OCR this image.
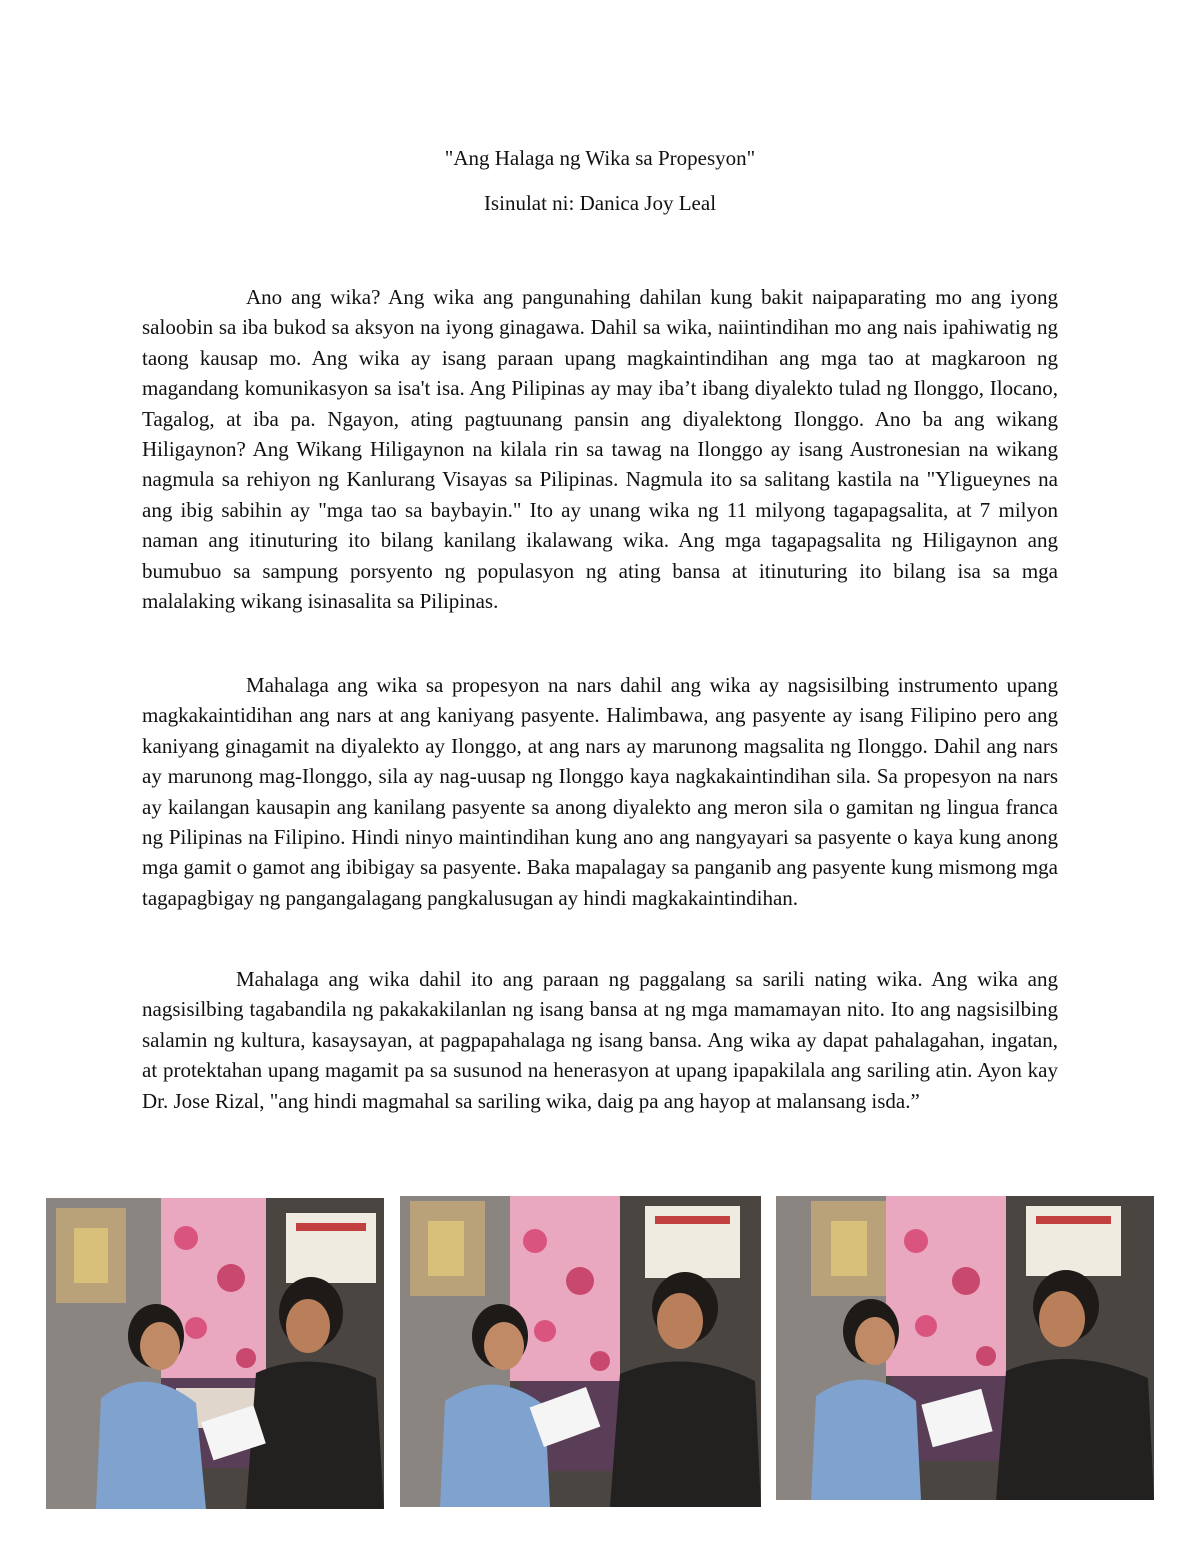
"Ang Halaga ng Wika sa Propesyon"
Isinulat ni: Danica Joy Leal

Ano ang wika? Ang wika ang pangunahing dahilan kung bakit naipaparating mo ang iyong saloobin sa iba bukod sa aksyon na iyong ginagawa. Dahil sa wika, naiintindihan mo ang nais ipahiwatig ng taong kausap mo. Ang wika ay isang paraan upang magkaintindihan ang mga tao at magkaroon ng magandang komunikasyon sa isa't isa. Ang Pilipinas ay may iba’t ibang diyalekto tulad ng Ilonggo, Ilocano, Tagalog, at iba pa. Ngayon, ating pagtuunang pansin ang diyalektong Ilonggo. Ano ba ang wikang Hiligaynon? Ang Wikang Hiligaynon na kilala rin sa tawag na Ilonggo ay isang Austronesian na wikang nagmula sa rehiyon ng Kanlurang Visayas sa Pilipinas. Nagmula ito sa salitang kastila na "Yligueynes na ang ibig sabihin ay "mga tao sa baybayin." Ito ay unang wika ng 11 milyong tagapagsalita, at 7 milyon naman ang itinuturing ito bilang kanilang ikalawang wika. Ang mga tagapagsalita ng Hiligaynon ang bumubuo sa sampung porsyento ng populasyon ng ating bansa at itinuturing ito bilang isa sa mga malalaking wikang isinasalita sa Pilipinas.

Mahalaga ang wika sa propesyon na nars dahil ang wika ay nagsisilbing instrumento upang magkakaintidihan ang nars at ang kaniyang pasyente. Halimbawa, ang pasyente ay isang Filipino pero ang kaniyang ginagamit na diyalekto ay Ilonggo, at ang nars ay marunong magsalita ng Ilonggo. Dahil ang nars ay marunong mag-Ilonggo, sila ay nag-uusap ng Ilonggo kaya nagkakaintindihan sila. Sa propesyon na nars ay kailangan kausapin ang kanilang pasyente sa anong diyalekto ang meron sila o gamitan ng lingua franca ng Pilipinas na Filipino. Hindi ninyo maintindihan kung ano ang nangyayari sa pasyente o kaya kung anong mga gamit o gamot ang ibibigay sa pasyente. Baka mapalagay sa panganib ang pasyente kung mismong mga tagapagbigay ng pangangalagang pangkalusugan ay hindi magkakaintindihan.

Mahalaga ang wika dahil ito ang paraan ng paggalang sa sarili nating wika. Ang wika ang nagsisilbing tagabandila ng pakakakilanlan ng isang bansa at ng mga mamamayan nito. Ito ang nagsisilbing salamin ng kultura, kasaysayan, at pagpapahalaga ng isang bansa. Ang wika ay dapat pahalagahan, ingatan, at protektahan upang magamit pa sa susunod na henerasyon at upang ipapakilala ang sariling atin. Ayon kay Dr. Jose Rizal, "ang hindi magmahal sa sariling wika, daig pa ang hayop at malansang isda.”
